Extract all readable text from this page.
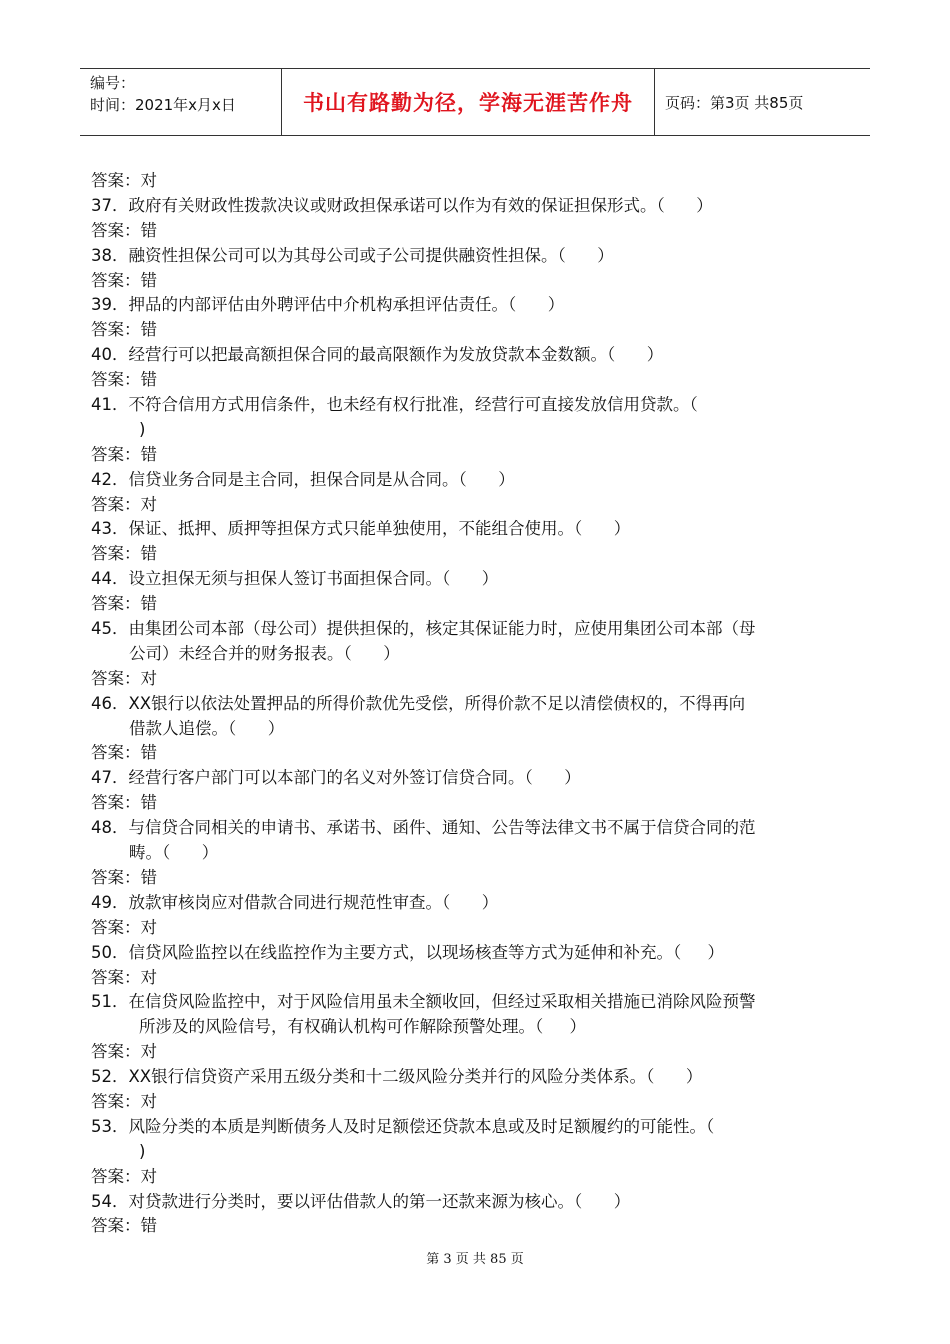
编号：
时间：2021年x月x日	书山有路勤为径，学海无涯苦作舟	页码：第3页 共85页
答案：对
37．政府有关财政性拨款决议或财政担保承诺可以作为有效的保证担保形式。（      ）
答案：错
38．融资性担保公司可以为其母公司或子公司提供融资性担保。（      ）
答案：错
39．押品的内部评估由外聘评估中介机构承担评估责任。（      ）
答案：错
40．经营行可以把最高额担保合同的最高限额作为发放贷款本金数额。（      ）
答案：错
41．不符合信用方式用信条件，也未经有权行批准，经营行可直接发放信用贷款。（
)
答案：错
42．信贷业务合同是主合同，担保合同是从合同。（      ）
答案：对
43．保证、抵押、质押等担保方式只能单独使用，不能组合使用。（      ）
答案：错
44．设立担保无须与担保人签订书面担保合同。（      ）
答案：错
45．由集团公司本部（母公司）提供担保的，核定其保证能力时，应使用集团公司本部（母
公司）未经合并的财务报表。（      ）
答案：对
46．XX银行以依法处置押品的所得价款优先受偿，所得价款不足以清偿债权的，不得再向
借款人追偿。（      ）
答案：错
47．经营行客户部门可以本部门的名义对外签订信贷合同。（      ）
答案：错
48．与信贷合同相关的申请书、承诺书、函件、通知、公告等法律文书不属于信贷合同的范
畴。（      ）
答案：错
49．放款审核岗应对借款合同进行规范性审查。（      ）
答案：对
50．信贷风险监控以在线监控作为主要方式，以现场核查等方式为延伸和补充。（     ）
答案：对
51．在信贷风险监控中，对于风险信用虽未全额收回，但经过采取相关措施已消除风险预警
所涉及的风险信号，有权确认机构可作解除预警处理。（     ）
答案：对
52．XX银行信贷资产采用五级分类和十二级风险分类并行的风险分类体系。（      ）
答案：对
53．风险分类的本质是判断债务人及时足额偿还贷款本息或及时足额履约的可能性。（
)
答案：对
54．对贷款进行分类时，要以评估借款人的第一还款来源为核心。（      ）
答案：错
第 3 页 共 85 页
